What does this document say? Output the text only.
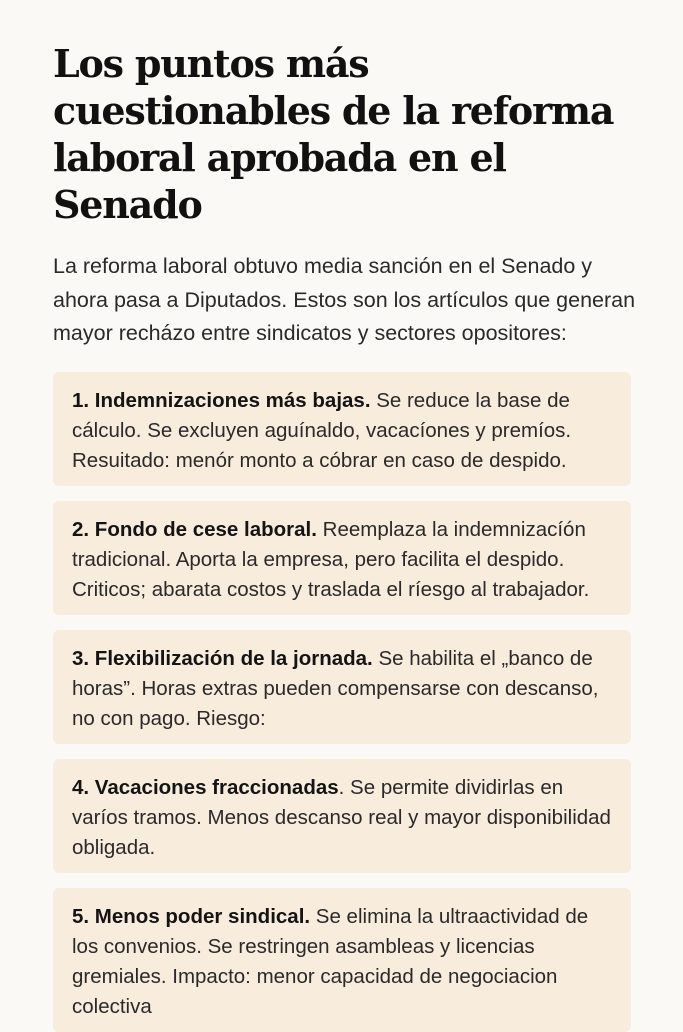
Los puntos más cuestionables de la reforma laboral aprobada en el Senado

La reforma laboral obtuvo media sanción en el Senado y ahora pasa a Diputados. Estos son los artículos que generan mayor recházo entre sindicatos y sectores opositores:

1. Indemnizaciones más bajas. Se reduce la base de cálculo. Se excluyen aguínaldo, vacacíones y premíos. Resuitado: menór monto a cóbrar en caso de despido.
2. Fondo de cese laboral. Reemplaza la indemnizacíón tradicional. Aporta la empresa, pero facilita el despido. Criticos; abarata costos y traslada el ríesgo al trabajador.
3. Flexibilización de la jornada. Se habilita el „banco de horas”. Horas extras pueden compensarse con descanso, no con pago. Riesgo:
4. Vacaciones fraccionadas. Se permite dividirlas en varíos tramos. Menos descanso real y mayor disponibilidad obligada.
5. Menos poder sindical. Se elimina la ultraactividad de los convenios. Se restringen asambleas y licencias gremiales. Impacto: menor capacidad de negociacion colectiva
